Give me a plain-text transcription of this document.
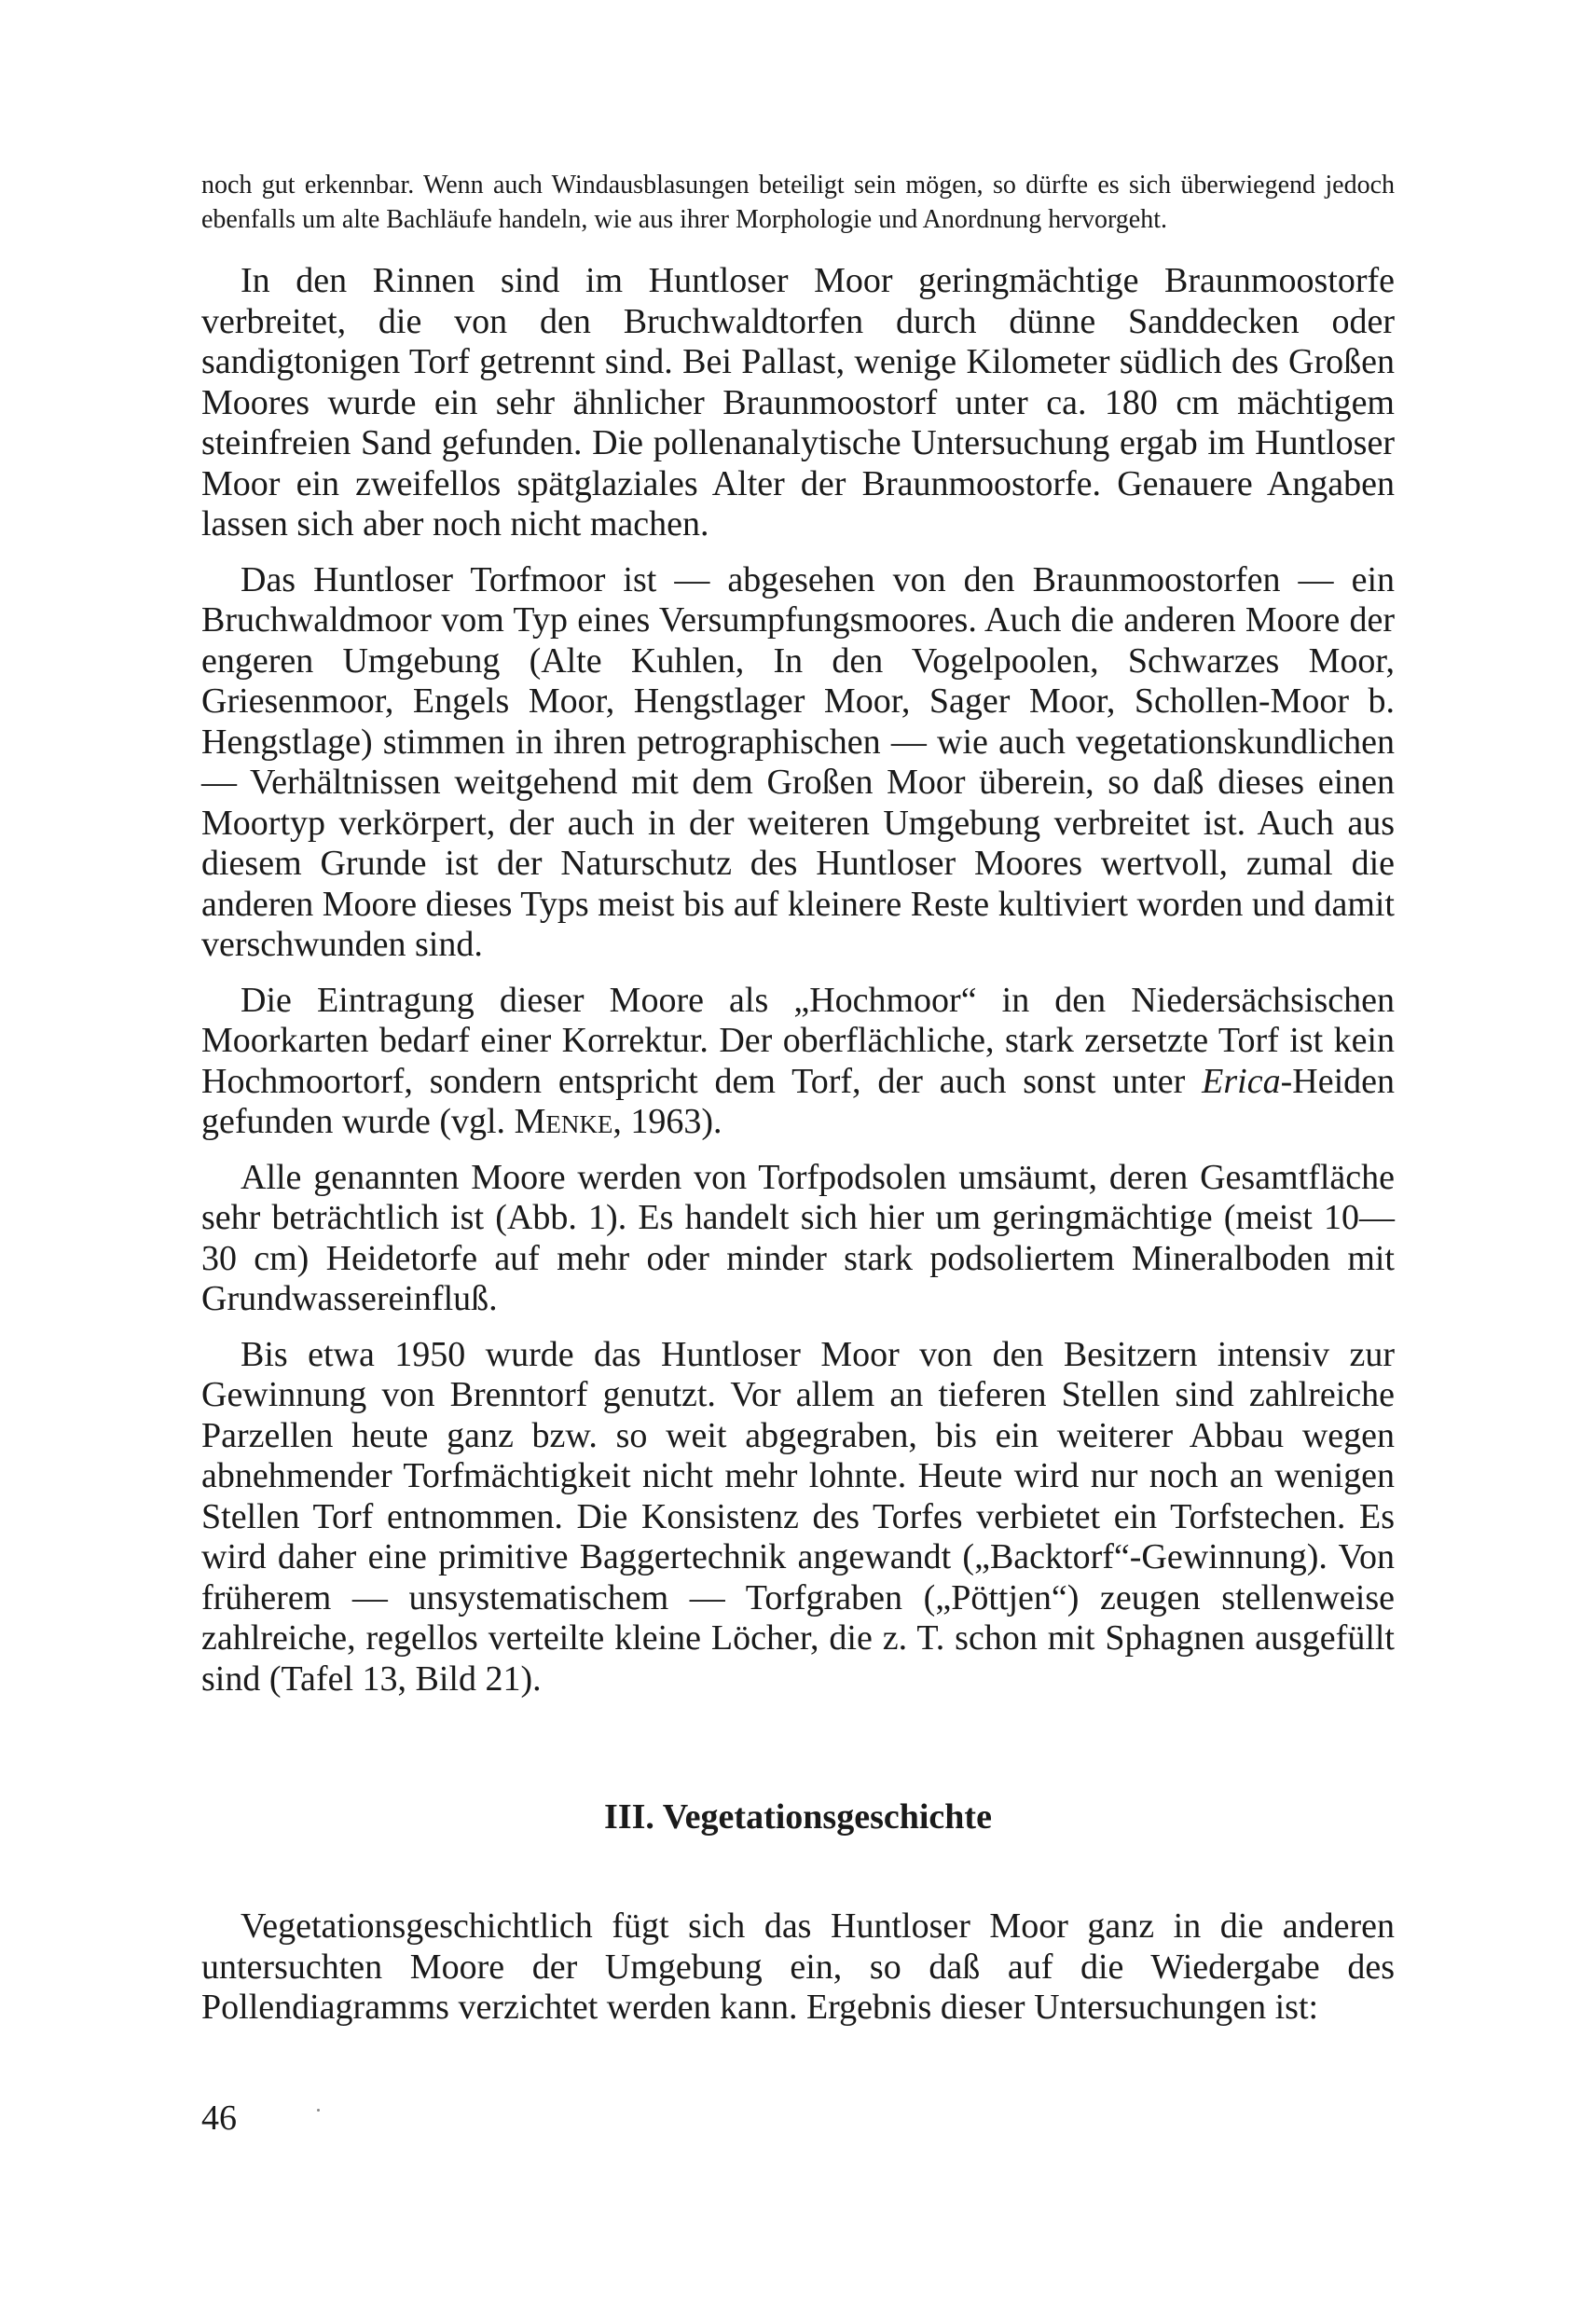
noch gut erkennbar. Wenn auch Windausblasungen beteiligt sein mögen, so dürfte es sich überwiegend jedoch ebenfalls um alte Bachläufe handeln, wie aus ihrer Morphologie und Anordnung hervorgeht.

In den Rinnen sind im Huntloser Moor geringmächtige Braunmoostorfe verbreitet, die von den Bruchwaldtorfen durch dünne Sanddecken oder sandigtonigen Torf getrennt sind. Bei Pallast, wenige Kilometer südlich des Großen Moores wurde ein sehr ähnlicher Braunmoostorf unter ca. 180 cm mächtigem steinfreien Sand gefunden. Die pollenanalytische Untersuchung ergab im Huntloser Moor ein zweifellos spätglaziales Alter der Braunmoostorfe. Genauere Angaben lassen sich aber noch nicht machen.

Das Huntloser Torfmoor ist — abgesehen von den Braunmoostorfen — ein Bruchwaldmoor vom Typ eines Versumpfungsmoores. Auch die anderen Moore der engeren Umgebung (Alte Kuhlen, In den Vogelpoolen, Schwarzes Moor, Griesenmoor, Engels Moor, Hengstlager Moor, Sager Moor, Schollen-Moor b. Hengstlage) stimmen in ihren petrographischen — wie auch vegetationskundlichen — Verhältnissen weitgehend mit dem Großen Moor überein, so daß dieses einen Moortyp verkörpert, der auch in der weiteren Umgebung verbreitet ist. Auch aus diesem Grunde ist der Naturschutz des Huntloser Moores wertvoll, zumal die anderen Moore dieses Typs meist bis auf kleinere Reste kultiviert worden und damit verschwunden sind.

Die Eintragung dieser Moore als „Hochmoor“ in den Niedersächsischen Moorkarten bedarf einer Korrektur. Der oberflächliche, stark zersetzte Torf ist kein Hochmoortorf, sondern entspricht dem Torf, der auch sonst unter Erica-Heiden gefunden wurde (vgl. Menke, 1963).

Alle genannten Moore werden von Torfpodsolen umsäumt, deren Gesamtfläche sehr beträchtlich ist (Abb. 1). Es handelt sich hier um geringmächtige (meist 10—30 cm) Heidetorfe auf mehr oder minder stark podsoliertem Mineralboden mit Grundwassereinfluß.

Bis etwa 1950 wurde das Huntloser Moor von den Besitzern intensiv zur Gewinnung von Brenntorf genutzt. Vor allem an tieferen Stellen sind zahlreiche Parzellen heute ganz bzw. so weit abgegraben, bis ein weiterer Abbau wegen abnehmender Torfmächtigkeit nicht mehr lohnte. Heute wird nur noch an wenigen Stellen Torf entnommen. Die Konsistenz des Torfes verbietet ein Torfstechen. Es wird daher eine primitive Baggertechnik angewandt („Backtorf“-Gewinnung). Von früherem — unsystematischem — Torfgraben („Pöttjen“) zeugen stellenweise zahlreiche, regellos verteilte kleine Löcher, die z. T. schon mit Sphagnen ausgefüllt sind (Tafel 13, Bild 21).

III. Vegetationsgeschichte

Vegetationsgeschichtlich fügt sich das Huntloser Moor ganz in die anderen untersuchten Moore der Umgebung ein, so daß auf die Wiedergabe des Pollendiagramms verzichtet werden kann. Ergebnis dieser Untersuchungen ist:

46
